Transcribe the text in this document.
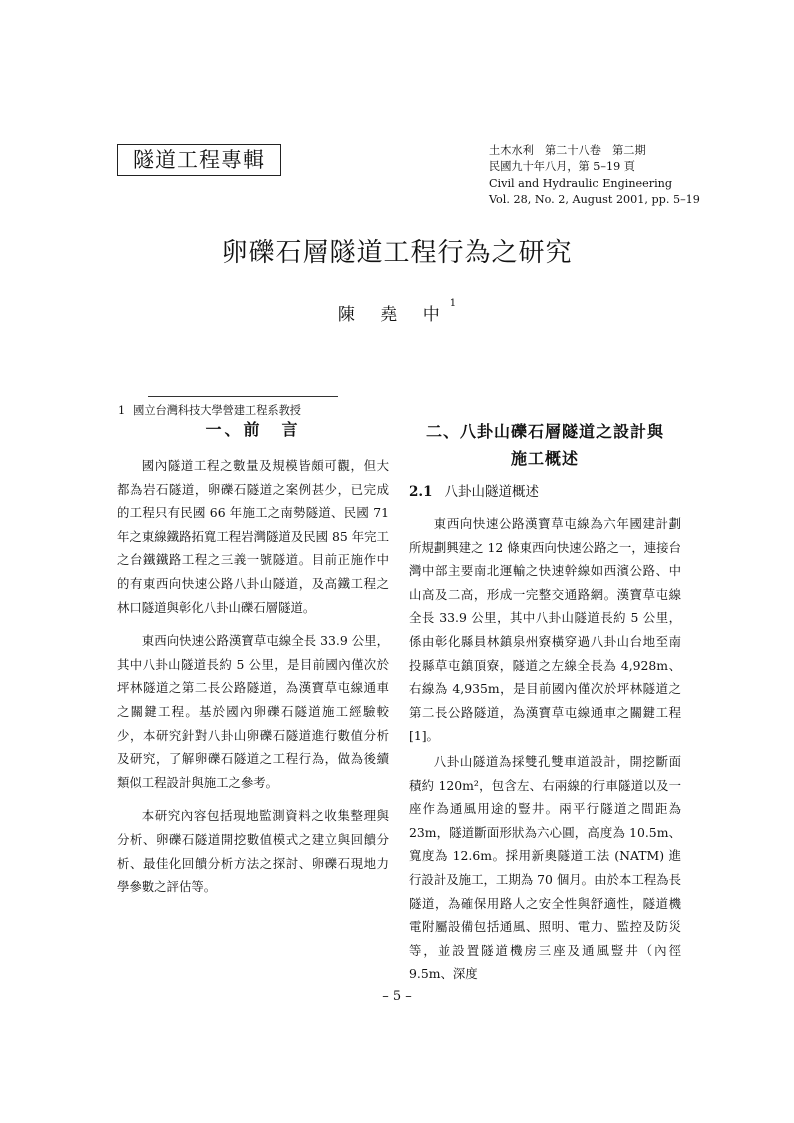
隧道工程專輯	土木水利　第二十八卷　第二期
民國九十年八月，第 5–19 頁
Civil and Hydraulic Engineering
Vol. 28, No. 2, August 2001, pp. 5–19
卵礫石層隧道工程行為之研究
陳 堯 中$^1$
1 國立台灣科技大學營建工程系教授
一、前　言

國內隧道工程之數量及規模皆頗可觀，但大都為岩石隧道，卵礫石隧道之案例甚少，已完成的工程只有民國 66 年施工之南勢隧道、民國 71 年之東線鐵路拓寬工程岩灣隧道及民國 85 年完工之台鐵鐵路工程之三義一號隧道。目前正施作中的有東西向快速公路八卦山隧道，及高鐵工程之林口隧道與彰化八卦山礫石層隧道。

東西向快速公路漢寶草屯線全長 33.9 公里，其中八卦山隧道長約 5 公里，是目前國內僅次於坪林隧道之第二長公路隧道，為漢寶草屯線通車之關鍵工程。基於國內卵礫石隧道施工經驗較少，本研究針對八卦山卵礫石隧道進行數值分析及研究，了解卵礫石隧道之工程行為，做為後續類似工程設計與施工之參考。

本研究內容包括現地監測資料之收集整理與分析、卵礫石隧道開挖數值模式之建立與回饋分析、最佳化回饋分析方法之探討、卵礫石現地力學參數之評估等。

二、八卦山礫石層隧道之設計與
施工概述
2.1 八卦山隧道概述

東西向快速公路漢寶草屯線為六年國建計劃所規劃興建之 12 條東西向快速公路之一，連接台灣中部主要南北運輸之快速幹線如西濱公路、中山高及二高，形成一完整交通路網。漢寶草屯線全長 33.9 公里，其中八卦山隧道長約 5 公里，係由彰化縣員林鎮泉州寮橫穿過八卦山台地至南投縣草屯鎮頂寮，隧道之左線全長為 4,928m、右線為 4,935m，是目前國內僅次於坪林隧道之第二長公路隧道，為漢寶草屯線通車之關鍵工程　[1]。

八卦山隧道為採雙孔雙車道設計，開挖斷面積約 120m²，包含左、右兩線的行車隧道以及一座作為通風用途的豎井。兩平行隧道之間距為 23m，隧道斷面形狀為六心圓，高度為 10.5m、寬度為 12.6m。採用新奧隧道工法 (NATM) 進行設計及施工，工期為 70 個月。由於本工程為長隧道，為確保用路人之安全性與舒適性，隧道機電附屬設備包括通風、照明、電力、監控及防災等，並設置隧道機房三座及通風豎井（內徑 9.5m、深度

– 5 –
